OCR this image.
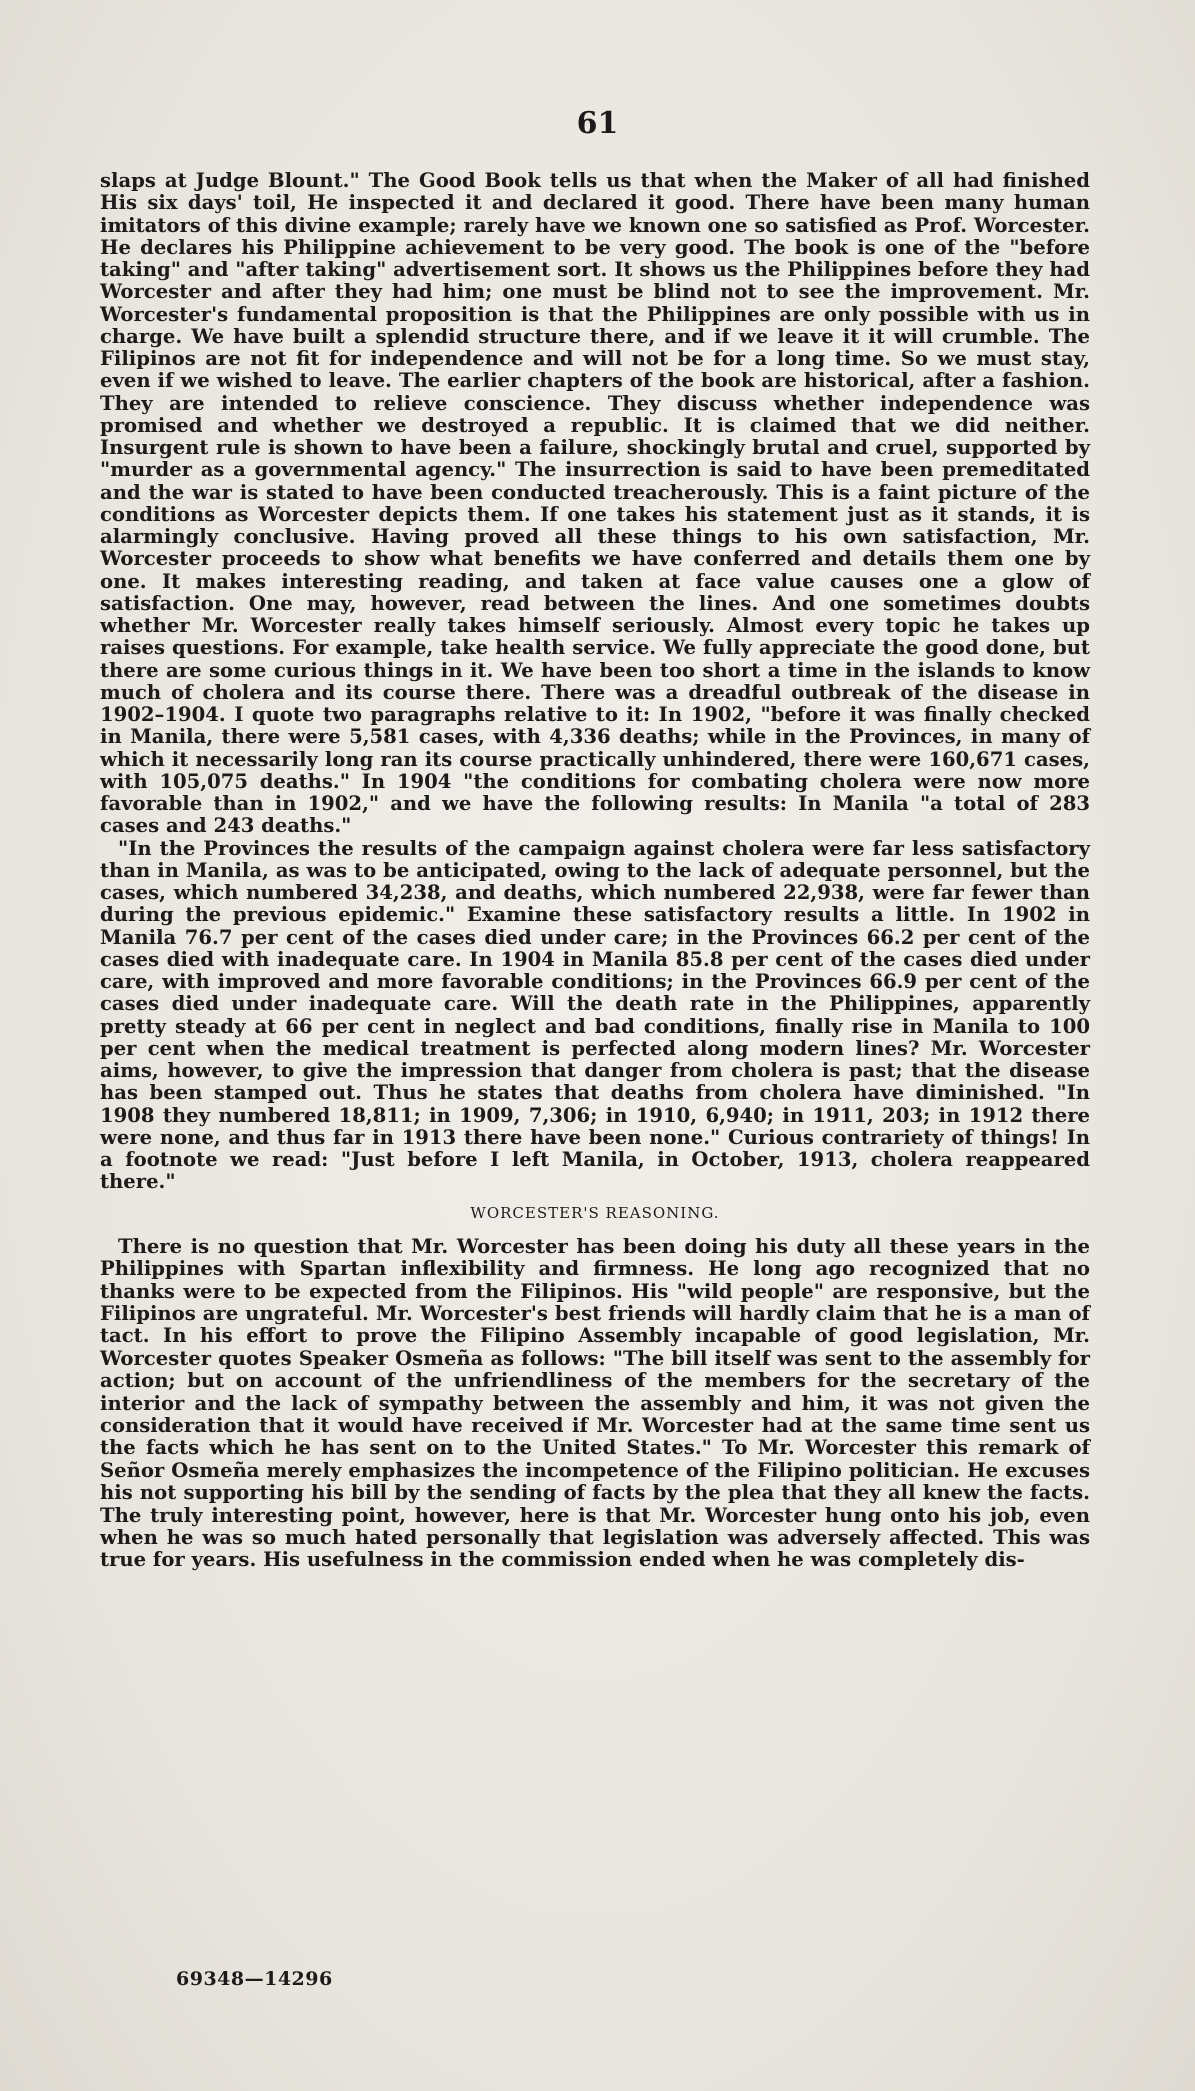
61

slaps at Judge Blount." The Good Book tells us that when the Maker of all had finished His six days' toil, He inspected it and declared it good. There have been many human imitators of this divine example; rarely have we known one so satisfied as Prof. Worcester. He declares his Philippine achievement to be very good. The book is one of the "before taking" and "after taking" advertisement sort. It shows us the Philippines before they had Worcester and after they had him; one must be blind not to see the improvement. Mr. Worcester's fundamental proposition is that the Philippines are only possible with us in charge. We have built a splendid structure there, and if we leave it it will crumble. The Filipinos are not fit for independence and will not be for a long time. So we must stay, even if we wished to leave. The earlier chapters of the book are historical, after a fashion. They are intended to relieve conscience. They discuss whether independence was promised and whether we destroyed a republic. It is claimed that we did neither. Insurgent rule is shown to have been a failure, shockingly brutal and cruel, supported by "murder as a governmental agency." The insurrection is said to have been premeditated and the war is stated to have been conducted treacherously. This is a faint picture of the conditions as Worcester depicts them. If one takes his statement just as it stands, it is alarmingly conclusive. Having proved all these things to his own satisfaction, Mr. Worcester proceeds to show what benefits we have conferred and details them one by one. It makes interesting reading, and taken at face value causes one a glow of satisfaction. One may, however, read between the lines. And one sometimes doubts whether Mr. Worcester really takes himself seriously. Almost every topic he takes up raises questions. For example, take health service. We fully appreciate the good done, but there are some curious things in it. We have been too short a time in the islands to know much of cholera and its course there. There was a dreadful outbreak of the disease in 1902–1904. I quote two paragraphs relative to it: In 1902, "before it was finally checked in Manila, there were 5,581 cases, with 4,336 deaths; while in the Provinces, in many of which it necessarily long ran its course practically unhindered, there were 160,671 cases, with 105,075 deaths." In 1904 "the conditions for combating cholera were now more favorable than in 1902," and we have the following results: In Manila "a total of 283 cases and 243 deaths."

"In the Provinces the results of the campaign against cholera were far less satisfactory than in Manila, as was to be anticipated, owing to the lack of adequate personnel, but the cases, which numbered 34,238, and deaths, which numbered 22,938, were far fewer than during the previous epidemic." Examine these satisfactory results a little. In 1902 in Manila 76.7 per cent of the cases died under care; in the Provinces 66.2 per cent of the cases died with inadequate care. In 1904 in Manila 85.8 per cent of the cases died under care, with improved and more favorable conditions; in the Provinces 66.9 per cent of the cases died under inadequate care. Will the death rate in the Philippines, apparently pretty steady at 66 per cent in neglect and bad conditions, finally rise in Manila to 100 per cent when the medical treatment is perfected along modern lines? Mr. Worcester aims, however, to give the impression that danger from cholera is past; that the disease has been stamped out. Thus he states that deaths from cholera have diminished. "In 1908 they numbered 18,811; in 1909, 7,306; in 1910, 6,940; in 1911, 203; in 1912 there were none, and thus far in 1913 there have been none." Curious contrariety of things! In a footnote we read: "Just before I left Manila, in October, 1913, cholera reappeared there."

WORCESTER'S REASONING.

There is no question that Mr. Worcester has been doing his duty all these years in the Philippines with Spartan inflexibility and firmness. He long ago recognized that no thanks were to be expected from the Filipinos. His "wild people" are responsive, but the Filipinos are ungrateful. Mr. Worcester's best friends will hardly claim that he is a man of tact. In his effort to prove the Filipino Assembly incapable of good legislation, Mr. Worcester quotes Speaker Osmeña as follows: "The bill itself was sent to the assembly for action; but on account of the unfriendliness of the members for the secretary of the interior and the lack of sympathy between the assembly and him, it was not given the consideration that it would have received if Mr. Worcester had at the same time sent us the facts which he has sent on to the United States." To Mr. Worcester this remark of Señor Osmeña merely emphasizes the incompetence of the Filipino politician. He excuses his not supporting his bill by the sending of facts by the plea that they all knew the facts. The truly interesting point, however, here is that Mr. Worcester hung onto his job, even when he was so much hated personally that legislation was adversely affected. This was true for years. His usefulness in the commission ended when he was completely dis-

69348—14296
